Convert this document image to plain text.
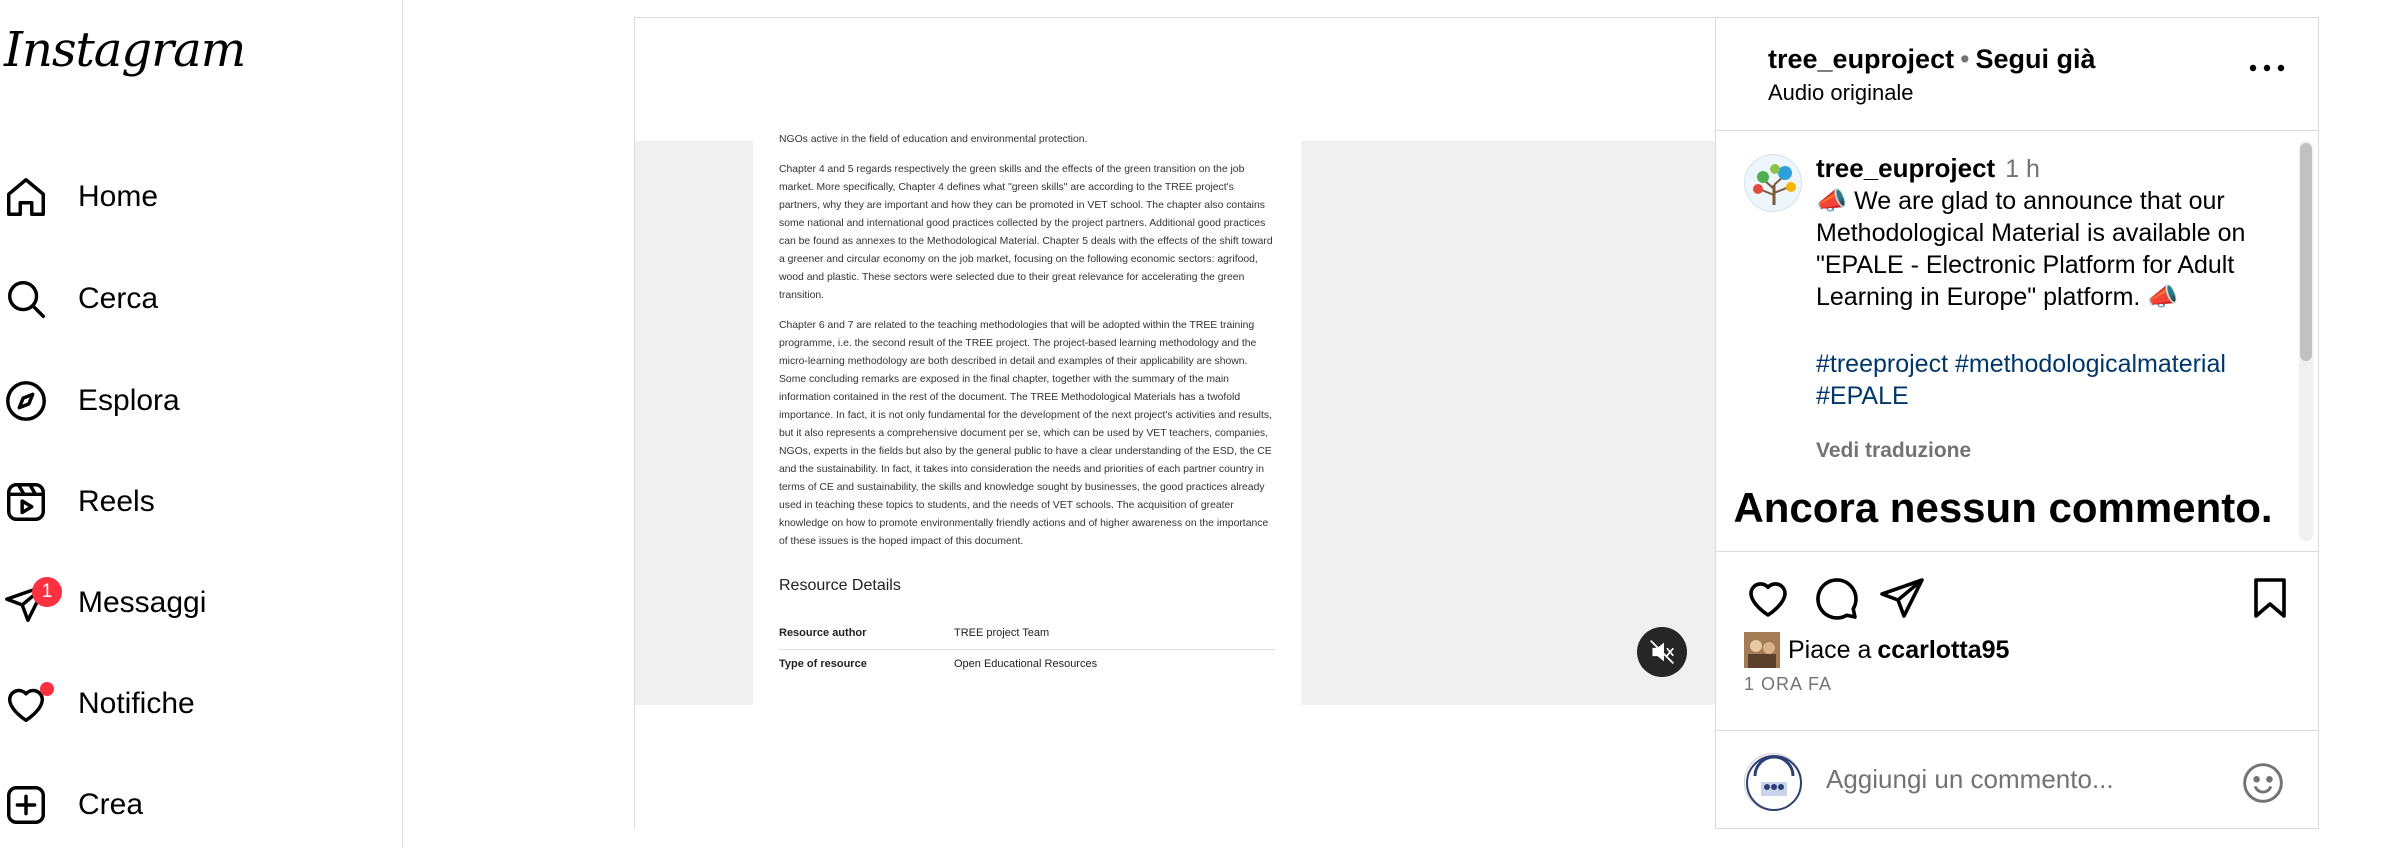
Instagram
Home
Cerca
Esplora
Reels
1 Messaggi
Notifiche
Crea

NGOs active in the field of education and environmental protection.

Chapter 4 and 5 regards respectively the green skills and the effects of the green transition on the job market. More specifically, Chapter 4 defines what "green skills" are according to the TREE project's partners, why they are important and how they can be promoted in VET school. The chapter also contains some national and international good practices collected by the project partners. Additional good practices can be found as annexes to the Methodological Material. Chapter 5 deals with the effects of the shift toward a greener and circular economy on the job market, focusing on the following economic sectors: agrifood, wood and plastic. These sectors were selected due to their great relevance for accelerating the green transition.

Chapter 6 and 7 are related to the teaching methodologies that will be adopted within the TREE training programme, i.e. the second result of the TREE project. The project-based learning methodology and the micro-learning methodology are both described in detail and examples of their applicability are shown. Some concluding remarks are exposed in the final chapter, together with the summary of the main information contained in the rest of the document. The TREE Methodological Materials has a twofold importance. In fact, it is not only fundamental for the development of the next project's activities and results, but it also represents a comprehensive document per se, which can be used by VET teachers, companies, NGOs, experts in the fields but also by the general public to have a clear understanding of the ESD, the CE and the sustainability. In fact, it takes into consideration the needs and priorities of each partner country in terms of CE and sustainability, the skills and knowledge sought by businesses, the good practices already used in teaching these topics to students, and the needs of VET schools. The acquisition of greater knowledge on how to promote environmentally friendly actions and of higher awareness on the importance of these issues is the hoped impact of this document.

Resource Details
Resource author	TREE project Team
Type of resource	Open Educational Resources
tree_euproject • Segui già
Audio originale
tree_euproject 1 h
📣 We are glad to announce that our Methodological Material is available on "EPALE - Electronic Platform for Adult Learning in Europe" platform. 📣
#treeproject #methodologicalmaterial #EPALE
Vedi traduzione
Ancora nessun commento.
Piace a ccarlotta95
1 ORA FA
Aggiungi un commento...
